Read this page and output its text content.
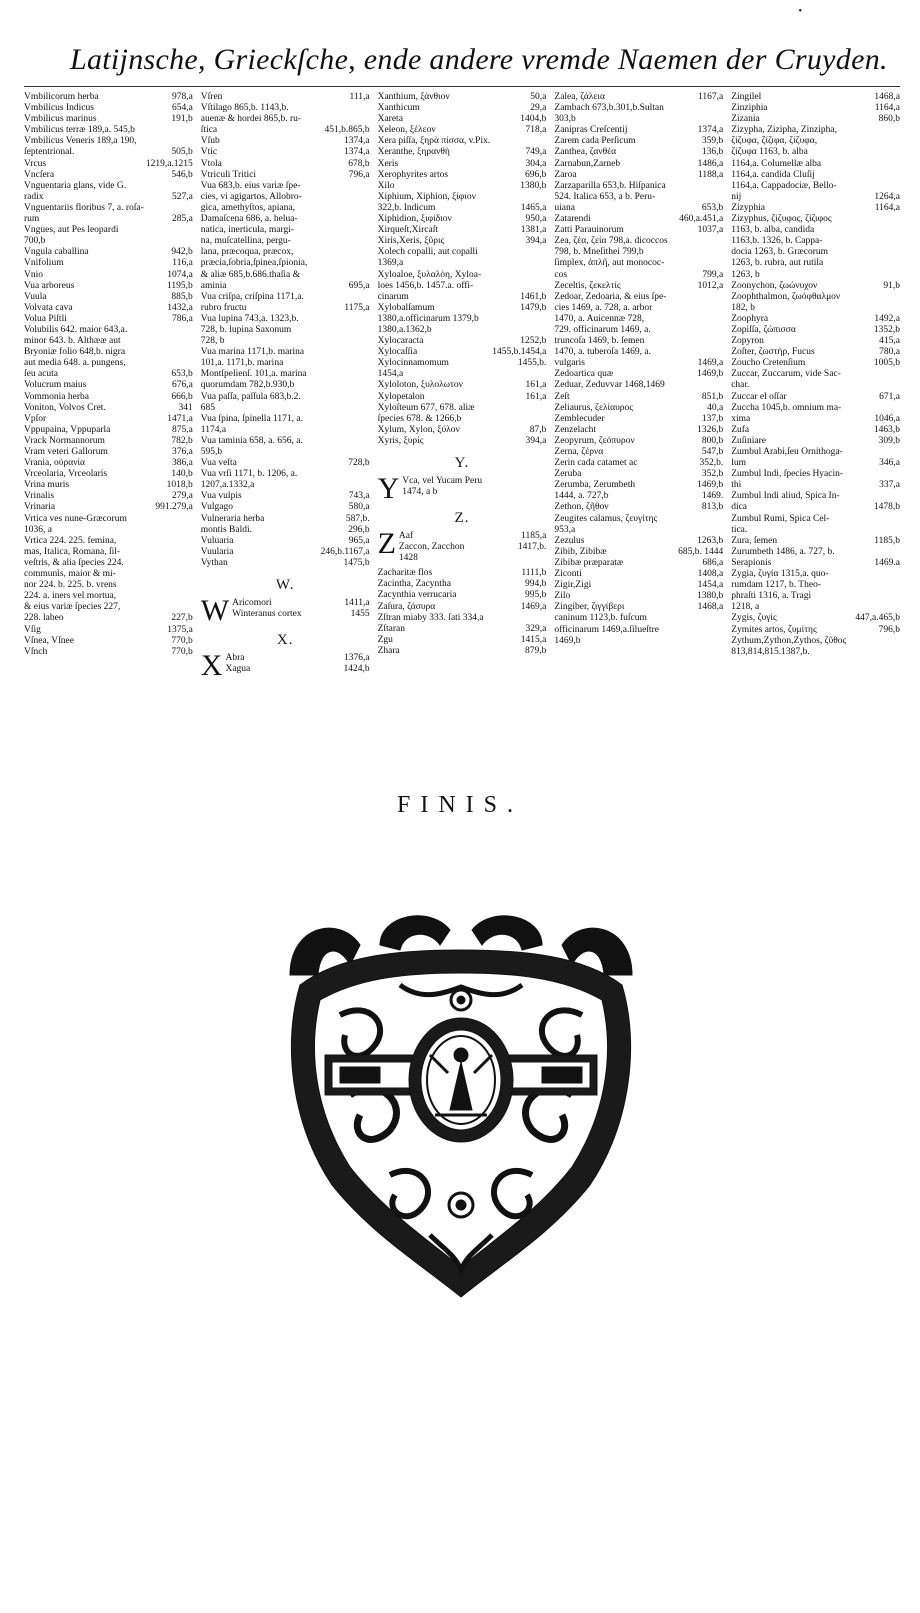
•
Latijnsche, Grieckſche, ende andere vremde Naemen der Cruyden.
Vmbilicorum herba	978,a
Vmbilicus Indicus	654,a
Vmbilicus marinus	191,b
Vmbilicus terræ 189,a. 545,b
Vmbilicus Veneris 189,a 190,
ſeptentrional.	505,b
Vrcus	1219,a.1215
Vncſera	546,b
Vnguentaria glans, vide G.
radix	527,a
Vnguentariis floribus 7, a. roſa-
rum	285,a
Vngues, aut Pes leopardi
700,b
Vngula caballina	942,b
Vnifolium	116,a
Vnio	1074,a
Vua arboreus	1195,b
Vuula	885,b
Volvata cava	1432,a
Volua Piſtli	786,a
Volubilis 642. maior 643,a.
minor 643. b. Althææ aut
Bryoniæ folio 648,b. nigra
aut media 648. a. pungens,
ſeu acuta	653,b
Volucrum maius	676,a
Vommonia herba	666,b
Voniton, Volvos Cret.	341
Vpſor	1471,a
Vppupaina, Vppuparla	875,a
Vrack Normannorum	782,b
Vram veteri Gallorum	376,a
Vrania, οὐρανία	386,a
Vrceolaria, Vrceolaris	140,b
Vrina muris	1018,b
Vrinalis	279,a
Vrinaria	991.279,a
Vrtica ves nune-Græcorum
1036, a
Vrtica 224. 225. femina,
mas, Italica, Romana, ſil-
veſtris, & alia ſpecies 224.
communis, maior & mi-
nor 224. b. 225. b. vrens
224. a. iners vel mortua,
& eius variæ ſpecies 227,
228. labeo	227,b
Vſig	1375,a
Vſnea, Vſnee	770,b
Vſnch	770,b
Vſren	111,a
Vſtilago 865,b. 1143,b.
auenæ & hordei 865,b. ru-
ſtica	451,b.865,b
Vſub	1374,a
Vtic	1374,a
Vtola	678,b
Vtriculi Tritici	796,a
Vua 683,b. eius variæ ſpe-
cies, vi agigartos, Allobro-
gica, amethyſtos, apiana,
Damaſcena 686, a. helua-
natica, inerticula, margi-
na, muſcatellina, pergu-
lana, præcoqua, præcox,
præcia,ſobria,ſpinea,ſpionia,
& aliæ 685,b.686.thaſia &
aminia	695,a
Vua criſpa, criſpina 1171,a.
rubro fructu	1175,a
Vua lupina 743,a. 1323,b.
728, b. lupina Saxonum
728, b
Vua marina 1171,b. marina
101,a. 1171,b. marina
Montſpelienſ. 101,a. marina
quorumdam 782,b.930,b
Vua paſſa, paſſula 683,b.2.
685
Vua ſpina, ſpinella 1171, a.
1174,a
Vua taminia 658, a. 656, a.
595,b
Vua veſta	728,b
Vua vrſi 1171, b. 1206, a.
1207,a.1332,a
Vua vulpis	743,a
Vulgago	580,a
Vulneraria herba	587,b.
montis Baldi.	296,b
Vuluaria	965,a
Vuularia	246,b.1167,a
Vythan	1475,b
W.
W Aricomori	1411,a
Winteranus cortex	1455
X.
X Abra	1376,a
Xagua	1424,b
Xanthium, ξάνθιον	50,a
Xanthicum	29,a
Xareta	1404,b
Xeleon, ξέλεον	718,a
Xera piſſa, ξηρὰ πίσσα, v.Pix.
Xeranthe, ξηρανθὴ	749,a
Xeris	304,a
Xerophyrites artos	696,b
Xilo	1380,b
Xiphium, Xiphion, ξίφιον
322,b. Indicum	1465,a
Xiphidion, ξιφίδιον	950,a
Xirqueſt,Xircaſt	1381,a
Xiris,Xeris, ξῦρις	394,a
Xolech copalli, aut copalli
1369,a
Xyloaloe, ξυλαλόη, Xyloa-
loes 1456,b. 1457.a. offi-
cinarum	1461,b
Xylobalſamum	1479,b
1380,a.officinarum 1379,b
1380,a.1362,b
Xylocaracta	1252,b
Xylocaſſia	1455,b.1454,a
Xylocinnamomum	1455,b.
1454,a
Xyloloton, ξυλολωτον	161,a
Xylopetalon	161,a
Xyloſteum 677, 678. aliæ
ſpecies 678. & 1266,b
Xylum, Xylon, ξύλον	87,b
Xyris, ξυρίς	394,a
Y.
Y Vca, vel Yucam Peru
1474, a b
Z.
Z Aaf	1185,a
Zaccon, Zacchon	1417,b.
1428
Zacharitæ flos	1111,b
Zacintha, Zacyntha	994,b
Zacynthia verrucaria	995,b
Zaſura, ζάσυρα	1469,a
Zſtran miaby 333. ſati 334,a
Zſtaran	329,a
Zgu	1415,a
Zhara	879,b
Zalea, ζάλεια	1167,a
Zambach 673,b.301,b.Sultan
303,b
Zanipras Creſcentij	1374,a
Zarem cada Perſicum	359,b
Zanthea, ζανθέα	136,b
Zarnabun,Zarneb	1486,a
Zaroa	1188,a
Zarzaparilla 653,b. Hiſpanica
524. Italica 653, a b. Peru-
uiana	653,b
Zatarendi	460,a.451,a
Zatti Parauinorum	1037,a
Zea, ζέα, ζεία 798,a. dicoccos
798, b. Mneſithei 799,b
ſimplex, ἁπλῆ, aut monococ-
cos	799,a
Zeceltis, ζεκελτίς	1012,a
Zedoar, Zedoaria, & eius ſpe-
cies 1469, a. 728, a. arbor
1470, a. Auicennæ 728,
729. officinarum 1469, a.
truncoſa 1469, b. ſemen
1470, a. tuberoſa 1469, a.
vulgaris	1469,a
Zedoartica quæ	1469,b
Zeduar, Zeduvvar 1468,1469
Zeſt	851,b
Zeliaurus, ζελίαυρος	40,a
Zemblecuder	137,b
Zenzelacht	1326,b
Zeopyrum, ζεόπυρον	800,b
Zerna, ζέρνα	547,b
Zerin cada catamet ac	352,b.
Zeruba	352,b
Zerumba, Zerumbeth	1469,b
1444, a. 727,b	1469.
Zethon, ζῆθον	813,b
Zeugites calamus, ζευγίτης
953,a
Zezulus	1263,b
Zibib, Zibibæ	685,b. 1444
Zibibæ præparatæ	686,a
Ziconti	1408,a
Zigir,Zigi	1454,a
Zilo	1380,b
Zingiber, ζιγγίβερι	1468,a
caninum 1123,b. fuſcum
officinarum 1469,a.ſilueſtre
1469,b
Zingilel	1468,a
Zinziphia	1164,a
Zizania	860,b
Zizypha, Zizipha, Zinzipha,
ζίζυφα, ζίζιφα, ζίζυφα,
ζίζυφα 1163, b. alba
1164,a. Columellæ alba
1164,a. candida Cluſij
1164,a. Cappadociæ, Bello-
nij	1264,a
Zizyphia	1164,a
Zizyphus, ζίζυφος, ζίζιφος
1163, b. alba, candida
1163,b. 1326, b. Cappa-
docia 1263, b. Græcorum
1263, b. rubra, aut rutila
1263, b
Zoonychon, ζωώνυχον	91,b
Zoophthalmon, ζωόφθαλμον
182, b
Zoophyra	1492,a
Zopiſſa, ζώπισσα	1352,b
Zopyron	415,a
Zoſter, ζωστὴρ, Fucus	780,a
Zoucho Cretenſium	1005,b
Zuccar, Zuccarum, vide Sac-
char.
Zuccar el oſſar	671,a
Zuccha 1045,b. omnium ma-
xima	1046,a
Zufa	1463,b
Zuſiniare	309,b
Zumbul Arabi,ſeu Ornithoga-
lum	346,a
Zumbul Indi, ſpecies Hyacin-
thi	337,a
Zumbul Indi aliud, Spica In-
dica	1478,b
Zumbul Rumi, Spica Cel-
tica.
Zura, ſemen	1185,b
Zurumbeth 1486, a. 727, b.
Serapionis	1469.a
Zygia, ζυγία 1315,a. quo-
rumdam 1217, b. Theo-
phraſti 1316, a. Tragi
1218, a
Zygis, ζυγὶς	447,a.465,b
Zymites artos, ζυμίτης	796,b
Zythum,Zython,Zythos, ζῦθος
813,814,815.1387,b.
FINIS.
